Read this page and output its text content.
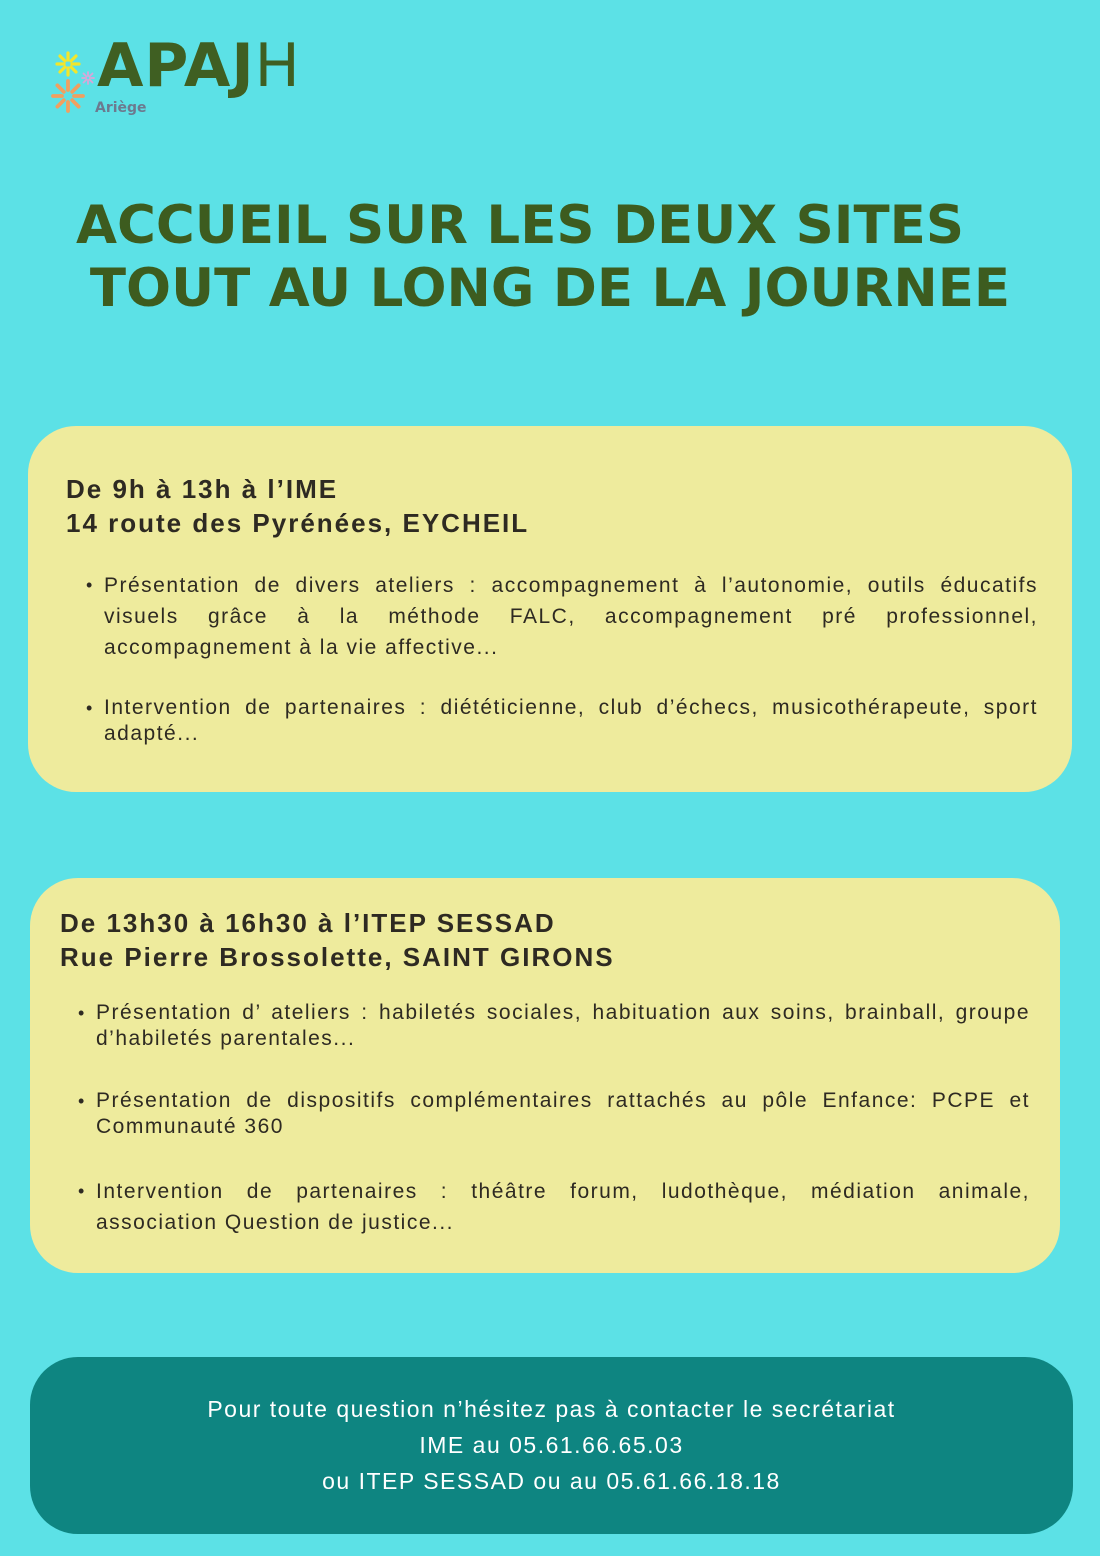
APAJH
Ariège
ACCUEIL SUR LES DEUX SITES
TOUT AU LONG DE LA JOURNEE
De 9h à 13h à l’IME
14 route des Pyrénées, EYCHEIL
• Présentation de divers ateliers : accompagnement à l’autonomie, outils éducatifs visuels grâce à la méthode FALC, accompagnement pré professionnel, accompagnement à la vie affective...
• Intervention de partenaires : diététicienne, club d’échecs, musicothérapeute, sport adapté...
De 13h30 à 16h30 à l’ITEP SESSAD
Rue Pierre Brossolette, SAINT GIRONS
• Présentation d’ ateliers : habiletés sociales, habituation aux soins, brainball, groupe d’habiletés parentales...
• Présentation de dispositifs complémentaires rattachés au pôle Enfance: PCPE et Communauté 360
• Intervention de partenaires : théâtre forum, ludothèque, médiation animale, association Question de justice...
Pour toute question n’hésitez pas à contacter le secrétariat
IME au 05.61.66.65.03
ou ITEP SESSAD ou au 05.61.66.18.18
